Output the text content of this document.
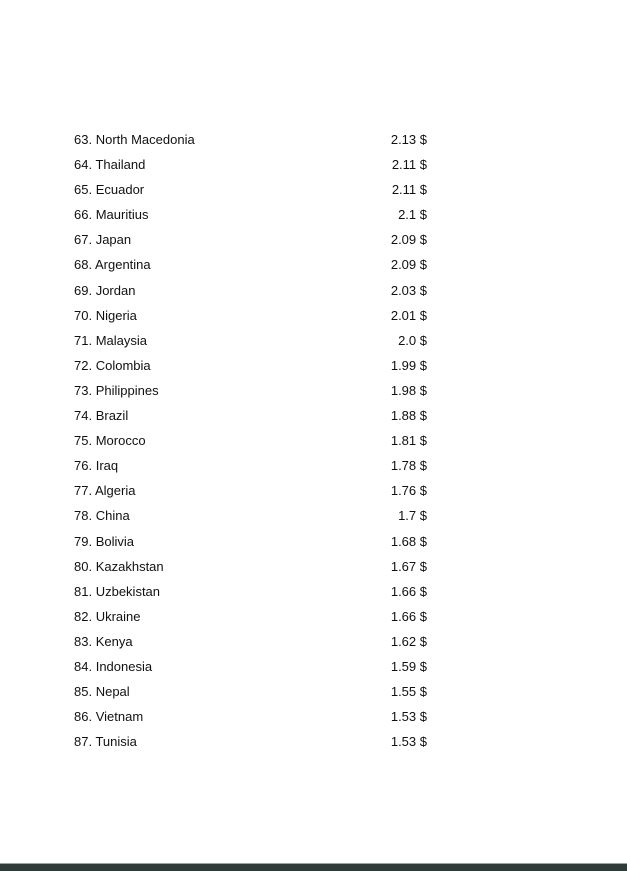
63. North Macedonia	2.13 $
64. Thailand	2.11 $
65. Ecuador	2.11 $
66. Mauritius	2.1 $
67. Japan	2.09 $
68. Argentina	2.09 $
69. Jordan	2.03 $
70. Nigeria	2.01 $
71. Malaysia	2.0 $
72. Colombia	1.99 $
73. Philippines	1.98 $
74. Brazil	1.88 $
75. Morocco	1.81 $
76. Iraq	1.78 $
77. Algeria	1.76 $
78. China	1.7 $
79. Bolivia	1.68 $
80. Kazakhstan	1.67 $
81. Uzbekistan	1.66 $
82. Ukraine	1.66 $
83. Kenya	1.62 $
84. Indonesia	1.59 $
85. Nepal	1.55 $
86. Vietnam	1.53 $
87. Tunisia	1.53 $
